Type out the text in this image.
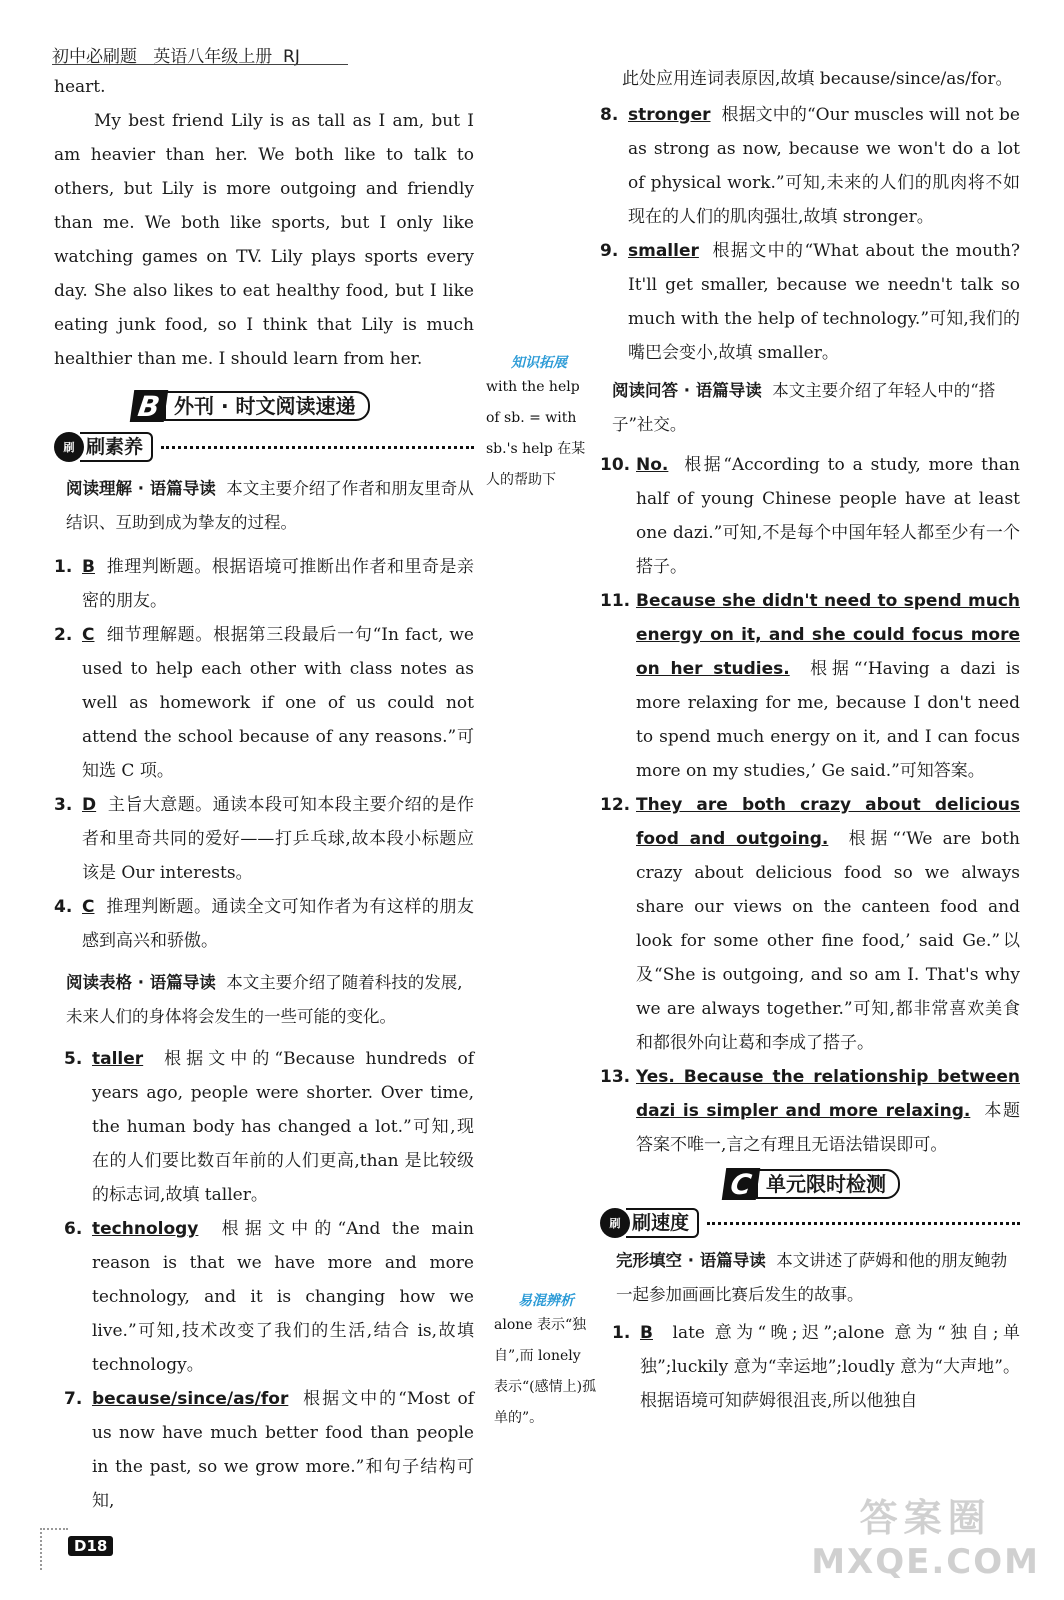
初中必刷题 英语八年级上册 RJ

heart.

My best friend Lily is as tall as I am, but I am heavier than her. We both like to talk to others, but Lily is more outgoing and friendly than me. We both like sports, but I only like watching games on TV. Lily plays sports every day. She also likes to eat healthy food, but I like eating junk food, so I think that Lily is much healthier than me. I should learn from her.

B 外刊 · 时文阅读速递
刷 刷素养
阅读理解 · 语篇导读 本文主要介绍了作者和朋友里奇从结识、互助到成为挚友的过程。
1. B 推理判断题。根据语境可推断出作者和里奇是亲密的朋友。
2. C 细节理解题。根据第三段最后一句“In fact, we used to help each other with class notes as well as homework if one of us could not attend the school because of any reasons.”可知选 C 项。
3. D 主旨大意题。通读本段可知本段主要介绍的是作者和里奇共同的爱好——打乒乓球,故本段小标题应该是 Our interests。
4. C 推理判断题。通读全文可知作者为有这样的朋友感到高兴和骄傲。
阅读表格 · 语篇导读 本文主要介绍了随着科技的发展,未来人们的身体将会发生的一些可能的变化。
5. taller 根据文中的“Because hundreds of years ago, people were shorter. Over time, the human body has changed a lot.”可知,现在的人们要比数百年前的人们更高,than 是比较级的标志词,故填 taller。
6. technology 根据文中的“And the main reason is that we have more and more technology, and it is changing how we live.”可知,技术改变了我们的生活,结合 is,故填 technology。
7. because/since/as/for 根据文中的“Most of us now have much better food than people in the past, so we grow more.”和句子结构可知,
知识拓展
with the help of sb. = with sb.'s help 在某人的帮助下
易混辨析
alone 表示“独自”,而 lonely 表示“(感情上)孤单的”。

此处应用连词表原因,故填 because/since/as/for。

8. stronger 根据文中的“Our muscles will not be as strong as now, because we won't do a lot of physical work.”可知,未来的人们的肌肉将不如现在的人们的肌肉强壮,故填 stronger。
9. smaller 根据文中的“What about the mouth? It'll get smaller, because we needn't talk so much with the help of technology.”可知,我们的嘴巴会变小,故填 smaller。
阅读问答 · 语篇导读 本文主要介绍了年轻人中的“搭子”社交。
10. No. 根据“According to a study, more than half of young Chinese people have at least one dazi.”可知,不是每个中国年轻人都至少有一个搭子。
11. Because she didn't need to spend much energy on it, and she could focus more on her studies. 根据“‘Having a dazi is more relaxing for me, because I don't need to spend much energy on it, and I can focus more on my studies,’ Ge said.”可知答案。
12. They are both crazy about delicious food and outgoing. 根据“‘We are both crazy about delicious food so we always share our views on the canteen food and look for some other fine food,’ said Ge.”以及“She is outgoing, and so am I. That's why we are always together.”可知,都非常喜欢美食和都很外向让葛和李成了搭子。
13. Yes. Because the relationship between dazi is simpler and more relaxing. 本题答案不唯一,言之有理且无语法错误即可。
C 单元限时检测
刷 刷速度
完形填空 · 语篇导读 本文讲述了萨姆和他的朋友鲍勃一起参加画画比赛后发生的故事。
1. B late 意为“晚;迟”;alone 意为“独自;单独”;luckily 意为“幸运地”;loudly 意为“大声地”。根据语境可知萨姆很沮丧,所以他独自
D18
答案圈
MXQE.COM
